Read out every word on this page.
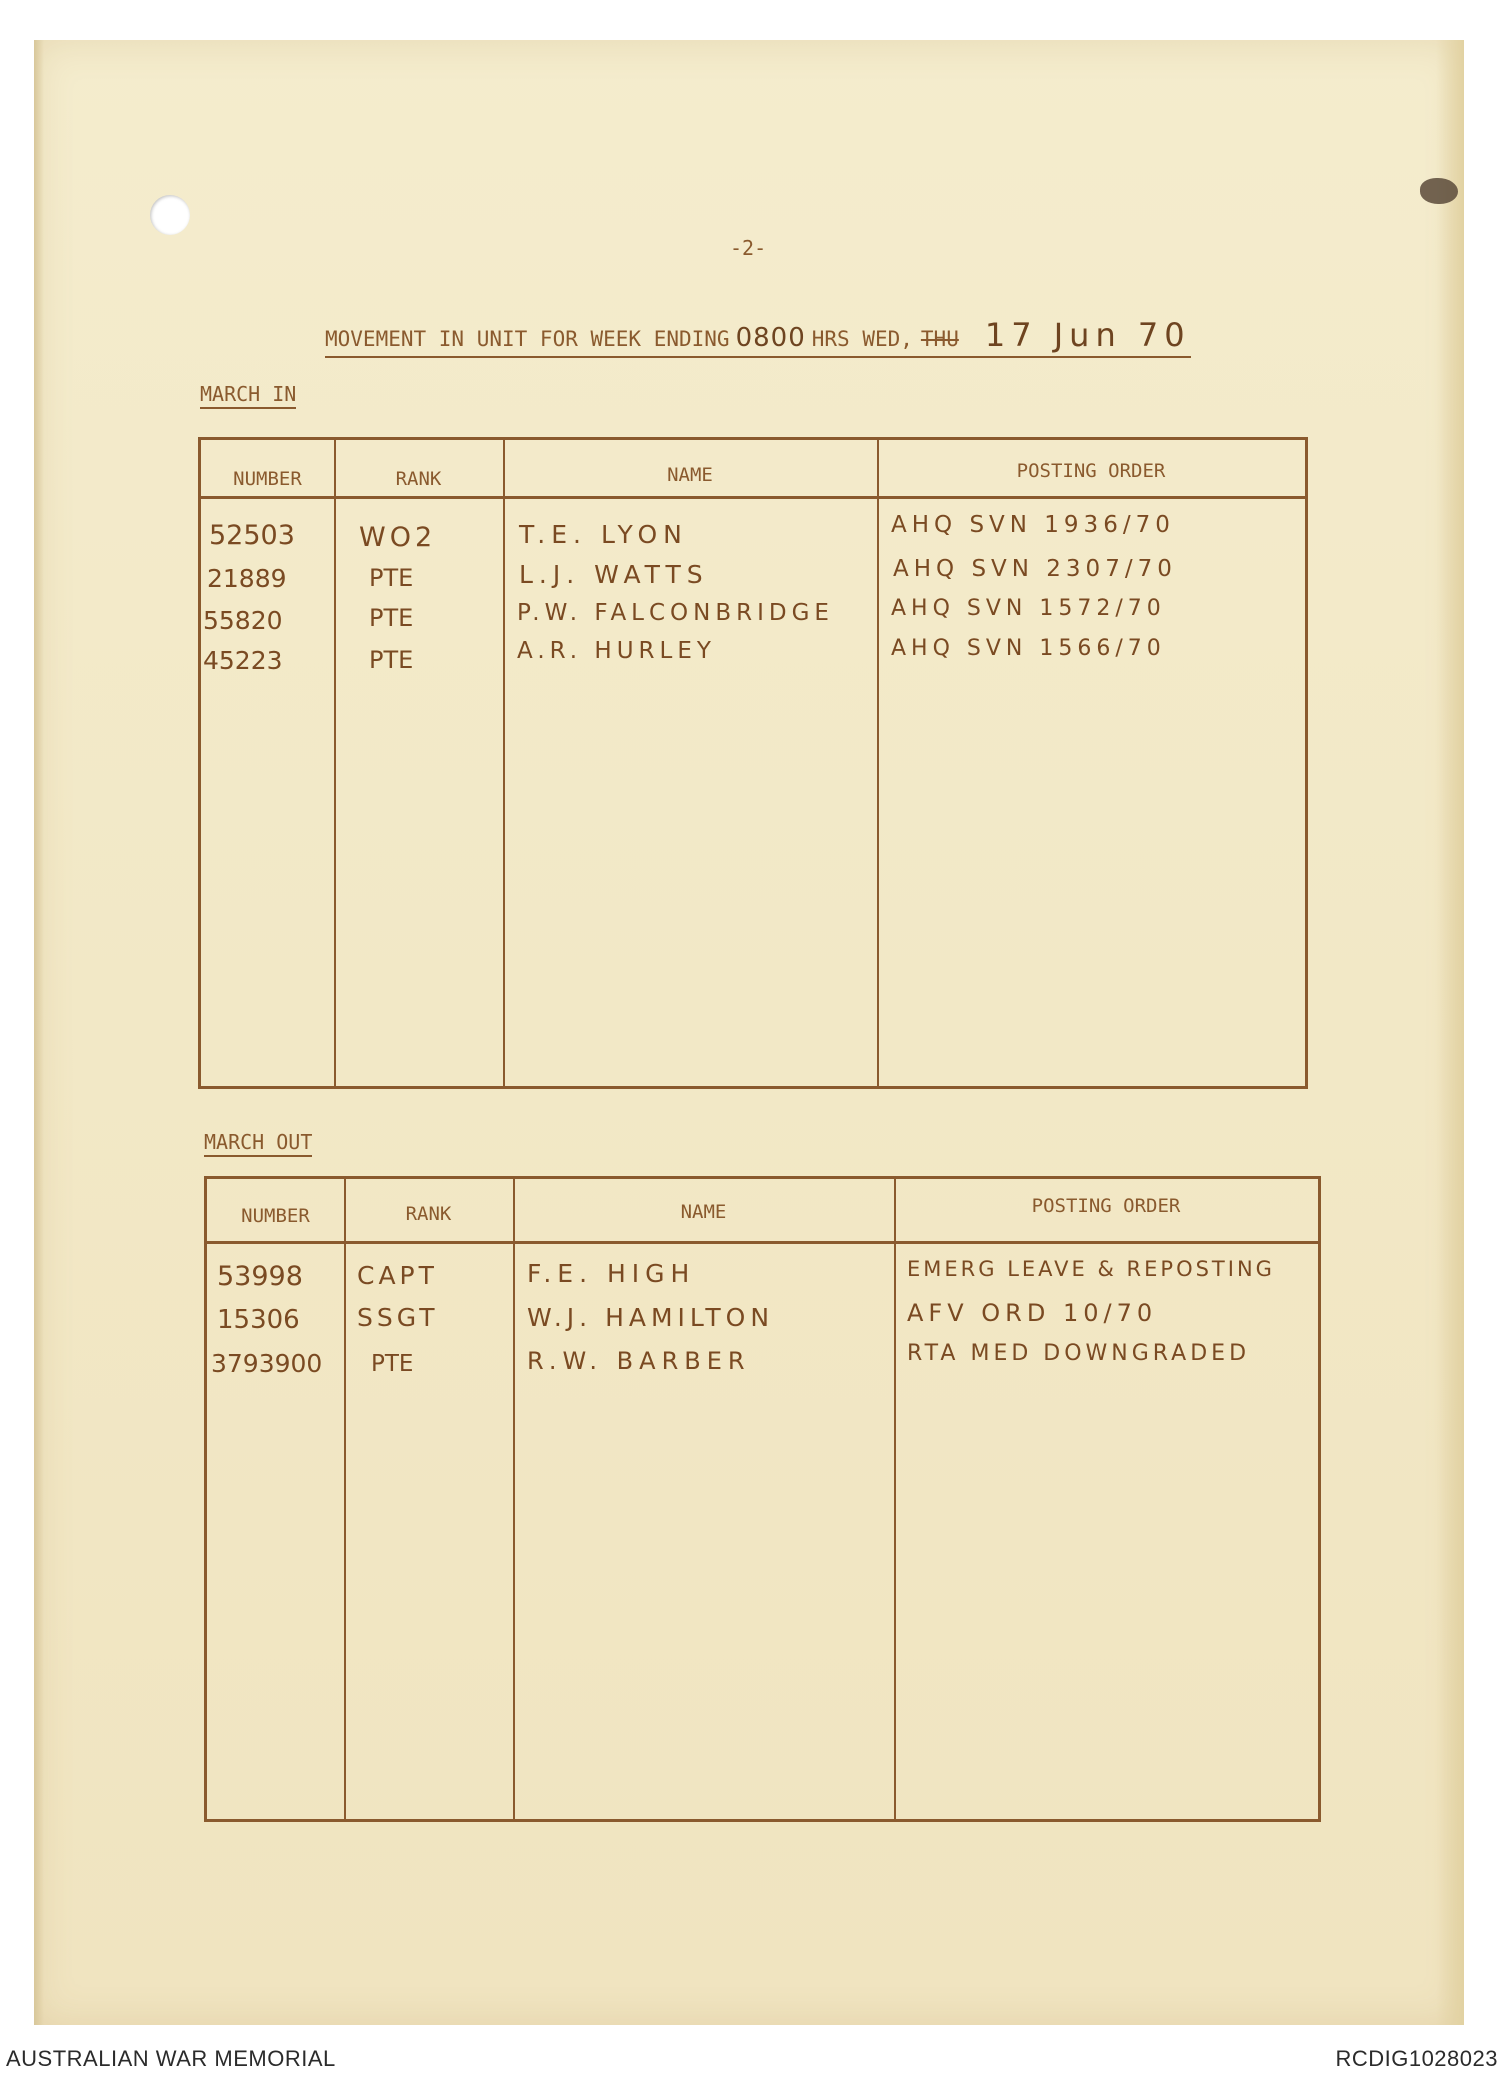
-2-
MOVEMENT IN UNIT FOR WEEK ENDING 0800 HRS WED, THU 17 Jun 70
MARCH IN
NUMBER	RANK	NAME	POSTING ORDER
52503 WO2	T.E. LYON	AHQ SVN 1936/70
21889	PTE	L.J. WATTS	AHQ SVN 2307/70
55820	PTE	P.W. FALCONBRIDGE	AHQ SVN 1572/70
45223	PTE	A.R. HURLEY	AHQ SVN 1566/70
MARCH OUT
NUMBER	RANK	NAME	POSTING ORDER
53998 CAPT	F.E. HIGH	EMERG LEAVE & REPOSTING
15306 SSGT	W.J. HAMILTON	AFV ORD 10/70
3793900 PTE	R.W. BARBER	RTA MED DOWNGRADED
AUSTRALIAN WAR MEMORIAL	RCDIG1028023
